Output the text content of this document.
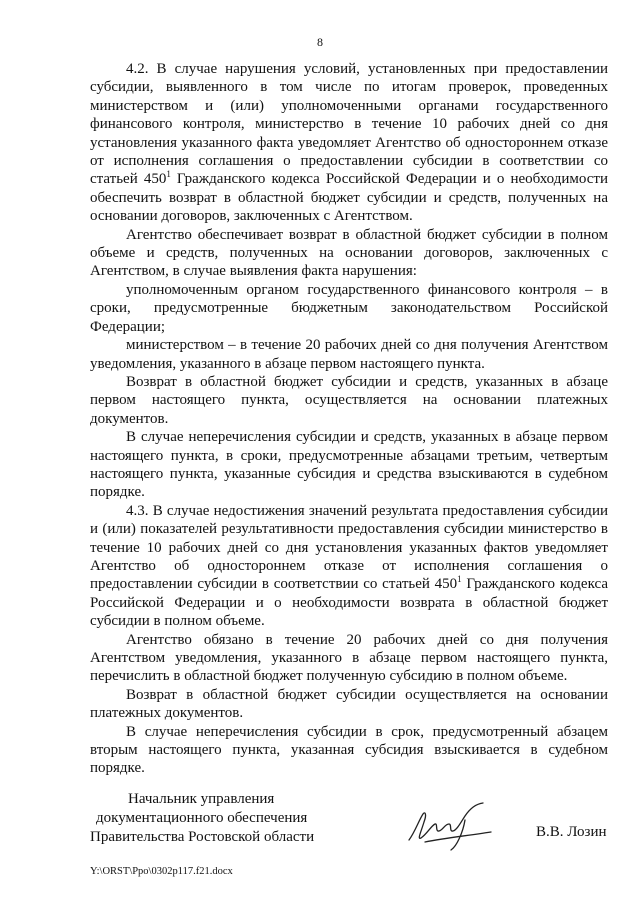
8

4.2. В случае нарушения условий, установленных при предоставлении субсидии, выявленного в том числе по итогам проверок, проведенных министерством и (или) уполномоченными органами государственного финансового контроля, министерство в течение 10 рабочих дней со дня установления указанного факта уведомляет Агентство об одностороннем отказе от исполнения соглашения о предоставлении субсидии в соответствии со статьей $450^1$ Гражданского кодекса Российской Федерации и о необходимости обеспечить возврат в областной бюджет субсидии и средств, полученных на основании договоров, заключенных с Агентством.

Агентство обеспечивает возврат в областной бюджет субсидии в полном объеме и средств, полученных на основании договоров, заключенных с Агентством, в случае выявления факта нарушения:

уполномоченным органом государственного финансового контроля – в сроки, предусмотренные бюджетным законодательством Российской Федерации;

министерством – в течение 20 рабочих дней со дня получения Агентством уведомления, указанного в абзаце первом настоящего пункта.

Возврат в областной бюджет субсидии и средств, указанных в абзаце первом настоящего пункта, осуществляется на основании платежных документов.

В случае неперечисления субсидии и средств, указанных в абзаце первом настоящего пункта, в сроки, предусмотренные абзацами третьим, четвертым настоящего пункта, указанные субсидия и средства взыскиваются в судебном порядке.

4.3. В случае недостижения значений результата предоставления субсидии и (или) показателей результативности предоставления субсидии министерство в течение 10 рабочих дней со дня установления указанных фактов уведомляет Агентство об одностороннем отказе от исполнения соглашения о предоставлении субсидии в соответствии со статьей $450^1$ Гражданского кодекса Российской Федерации и о необходимости возврата в областной бюджет субсидии в полном объеме.

Агентство обязано в течение 20 рабочих дней со дня получения Агентством уведомления, указанного в абзаце первом настоящего пункта, перечислить в областной бюджет полученную субсидию в полном объеме.

Возврат в областной бюджет субсидии осуществляется на основании платежных документов.

В случае неперечисления субсидии в срок, предусмотренный абзацем вторым настоящего пункта, указанная субсидия взыскивается в судебном порядке.

Начальник управления
документационного обеспечения
Правительства Ростовской области	В.В. Лозин
Y:\ORST\Ppo\0302p117.f21.docx
